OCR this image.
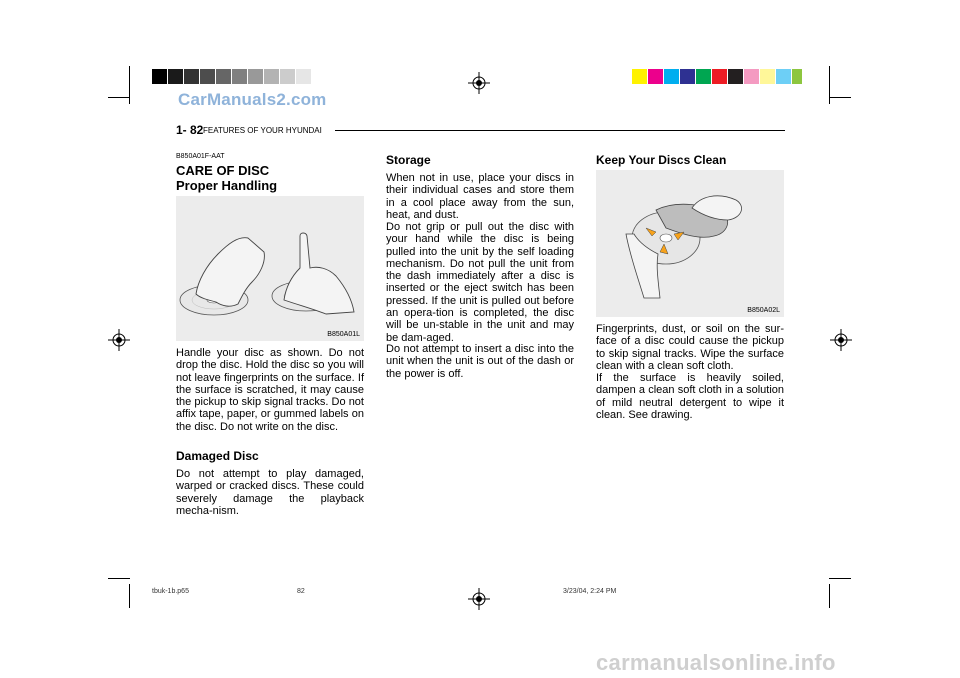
CarManuals2.com
carmanualsonline.info
1- 82 FEATURES OF YOUR HYUNDAI
B850A01F-AAT
CARE OF DISC
Proper Handling
B850A01L
Handle your disc as shown. Do not drop the disc. Hold the disc so you will not leave fingerprints on the surface. If the surface is scratched, it may cause the pickup to skip signal tracks. Do not affix tape, paper, or gummed labels on the disc. Do not write on the disc.
Damaged Disc
Do not attempt to play damaged, warped or cracked discs. These could severely damage the playback mecha-nism.
Storage
When not in use, place your discs in their individual cases and store them in a cool place away from the sun, heat, and dust.
Do not grip or pull out the disc with your hand while the disc is being pulled into the unit by the self loading mechanism. Do not pull the unit from the dash immediately after a disc is inserted or the eject switch has been pressed. If the unit is pulled out before an opera-tion is completed, the disc will be un-stable in the unit and may be dam-aged.
Do not attempt to insert a disc into the unit when the unit is out of the dash or the power is off.
Keep Your Discs Clean
B850A02L
Fingerprints, dust, or soil on the sur-face of a disc could cause the pickup to skip signal tracks. Wipe the surface clean with a clean soft cloth.
If the surface is heavily soiled, dampen a clean soft cloth in a solution of mild neutral detergent to wipe it clean. See drawing.
tbuk-1b.p65	82	3/23/04, 2:24 PM
